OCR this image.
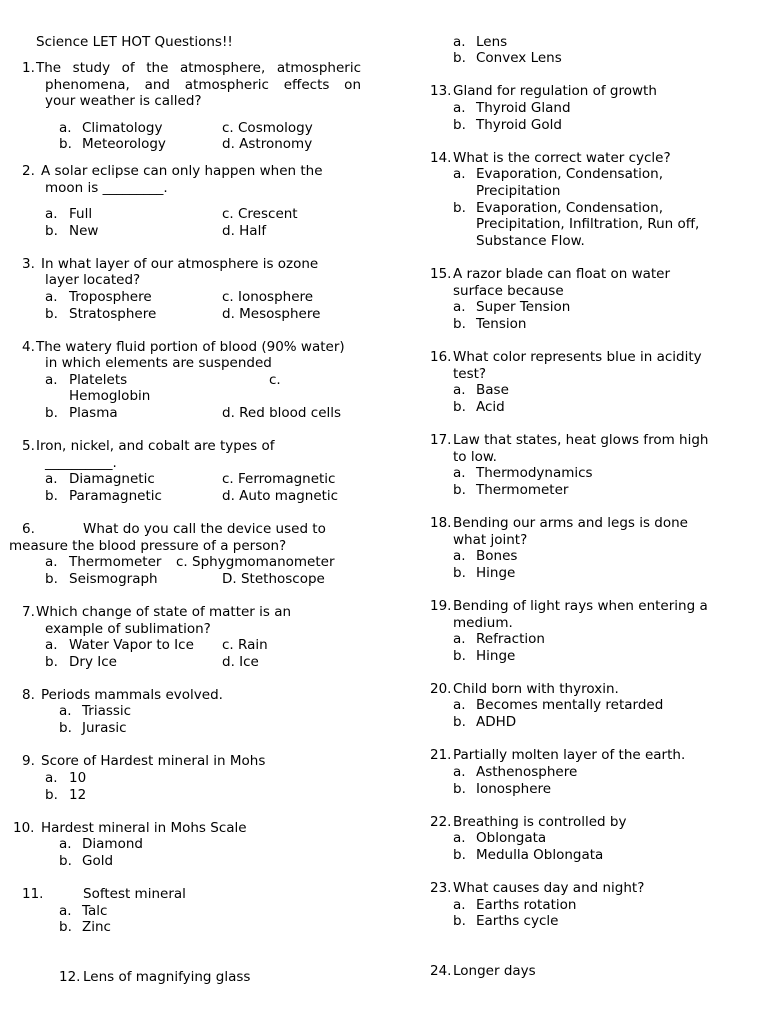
Science LET HOT Questions!!
1. The study of the atmosphere, atmospheric
phenomena, and atmospheric effects on
your weather is called?
a. Climatology	c. Cosmology
b. Meteorology	d. Astronomy
2. A solar eclipse can only happen when the
moon is _________.
a. Full	c. Crescent
b. New	d. Half
3. In what layer of our atmosphere is ozone
layer located?
a. Troposphere	c. Ionosphere
b. Stratosphere	d. Mesosphere
4. The watery fluid portion of blood (90% water)
in which elements are suspended
a. Platelets	c.
Hemoglobin
b. Plasma	d. Red blood cells
5. Iron, nickel, and cobalt are types of
__________.
a. Diamagnetic	c. Ferromagnetic
b. Paramagnetic	d. Auto magnetic
6.	What do you call the device used to
measure the blood pressure of a person?
a. Thermometer c. Sphygmomanometer
b. Seismograph	D. Stethoscope
7. Which change of state of matter is an
example of sublimation?
a. Water Vapor to Ice c. Rain
b. Dry Ice	d. Ice
8. Periods mammals evolved.
a. Triassic
b. Jurasic
9. Score of Hardest mineral in Mohs
a. 10
b. 12
10. Hardest mineral in Mohs Scale
a. Diamond
b. Gold
11.	Softest mineral
a. Talc
b. Zinc
12. Lens of magnifying glass
a. Lens
b. Convex Lens
13. Gland for regulation of growth
a. Thyroid Gland
b. Thyroid Gold
14. What is the correct water cycle?
a. Evaporation, Condensation,
Precipitation
b. Evaporation, Condensation,
Precipitation, Infiltration, Run off,
Substance Flow.
15. A razor blade can float on water
surface because
a. Super Tension
b. Tension
16. What color represents blue in acidity
test?
a. Base
b. Acid
17. Law that states, heat glows from high
to low.
a. Thermodynamics
b. Thermometer
18. Bending our arms and legs is done
what joint?
a. Bones
b. Hinge
19. Bending of light rays when entering a
medium.
a. Refraction
b. Hinge
20. Child born with thyroxin.
a. Becomes mentally retarded
b. ADHD
21. Partially molten layer of the earth.
a. Asthenosphere
b. Ionosphere
22. Breathing is controlled by
a. Oblongata
b. Medulla Oblongata
23. What causes day and night?
a. Earths rotation
b. Earths cycle
24. Longer days
